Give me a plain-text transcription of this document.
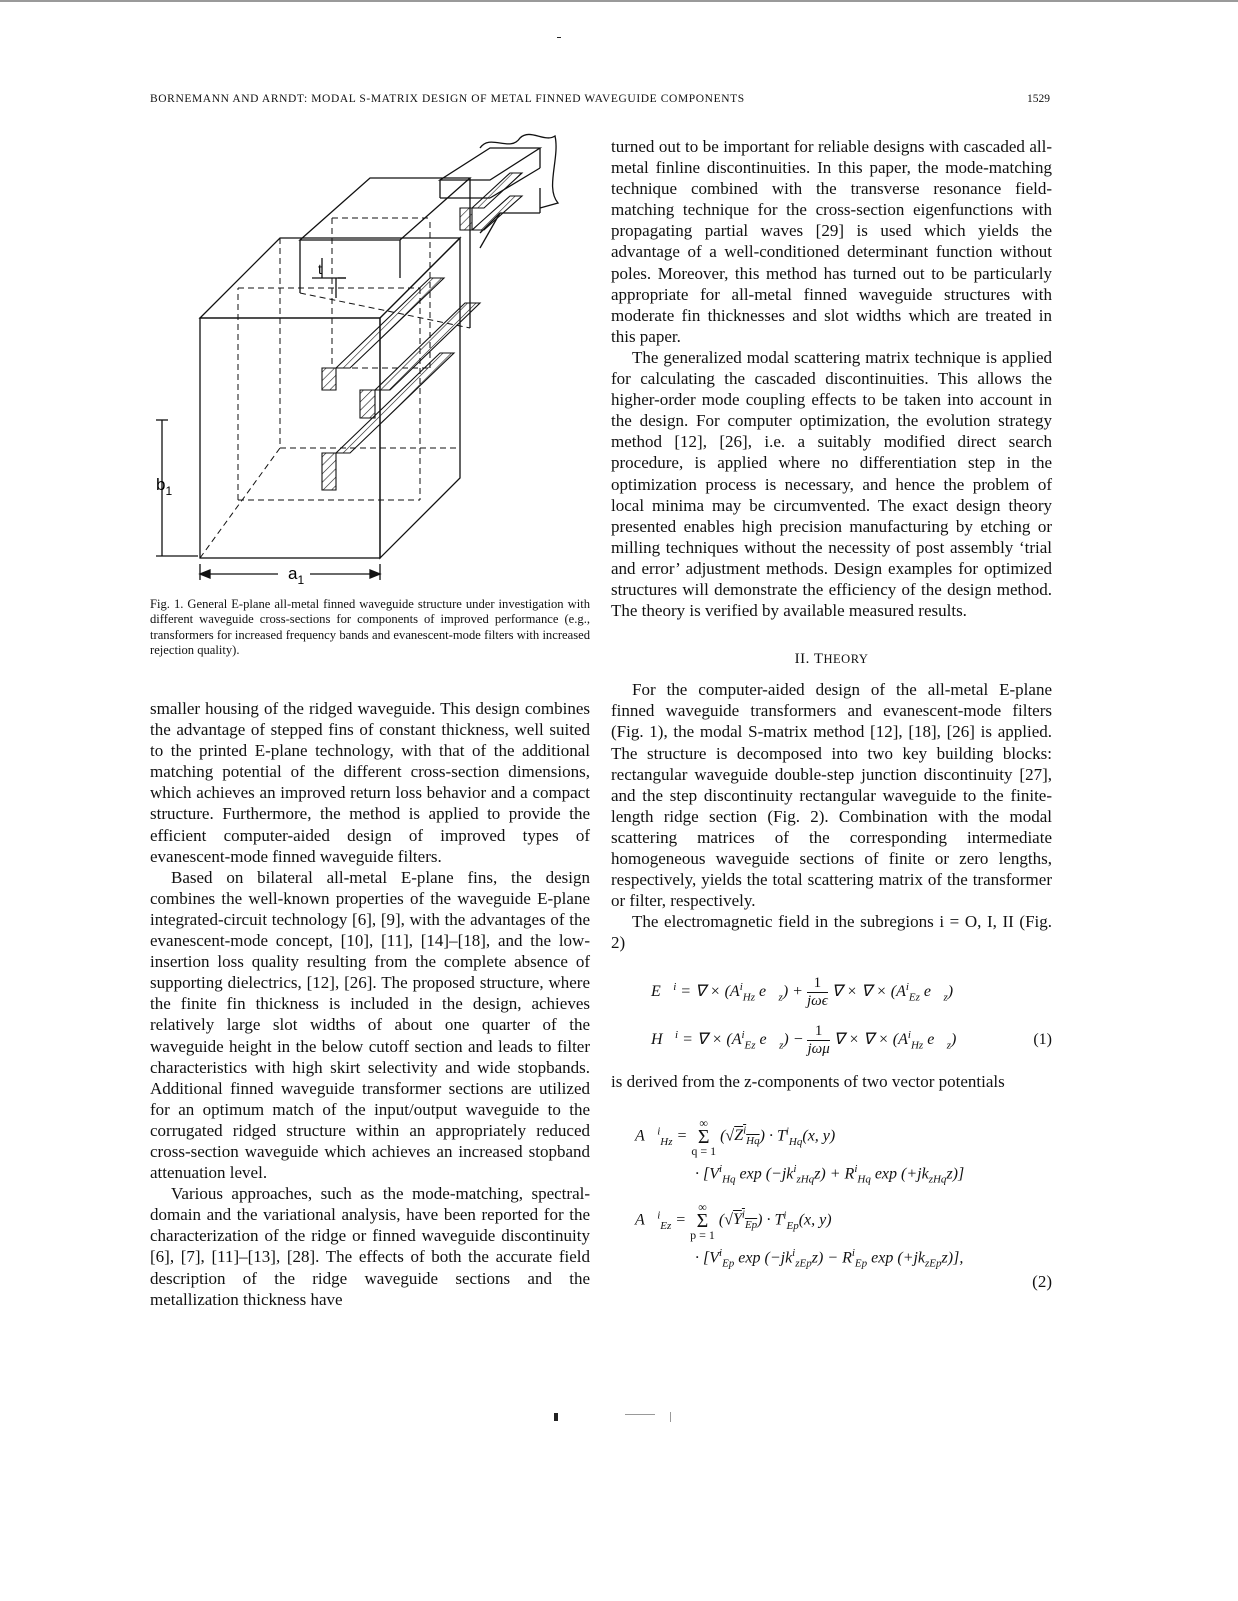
BORNEMANN AND ARNDT: MODAL S-MATRIX DESIGN OF METAL FINNED WAVEGUIDE COMPONENTS	1529
t
$b_1$
$a_1$
Fig. 1. General E-plane all-metal finned waveguide structure under investigation with different waveguide cross-sections for components of improved performance (e.g., transformers for increased frequency bands and evanescent-mode filters with increased rejection quality).

smaller housing of the ridged waveguide. This design combines the advantage of stepped fins of constant thickness, well suited to the printed E-plane technology, with that of the additional matching potential of the different cross-section dimensions, which achieves an improved return loss behavior and a compact structure. Furthermore, the method is applied to provide the efficient computer-aided design of improved types of evanescent-mode finned waveguide filters.

Based on bilateral all-metal E-plane fins, the design combines the well-known properties of the waveguide E-plane integrated-circuit technology [6], [9], with the advantages of the evanescent-mode concept, [10], [11], [14]–[18], and the low-insertion loss quality resulting from the complete absence of supporting dielectrics, [12], [26]. The proposed structure, where the finite fin thickness is included in the design, achieves relatively large slot widths of about one quarter of the waveguide height in the below cutoff section and leads to filter characteristics with high skirt selectivity and wide stopbands. Additional finned waveguide transformer sections are utilized for an optimum match of the input/output waveguide to the corrugated ridged structure within an appropriately reduced cross-section waveguide which achieves an increased stopband attenuation level.

Various approaches, such as the mode-matching, spectral-domain and the variational analysis, have been reported for the characterization of the ridge or finned waveguide discontinuity [6], [7], [11]–[13], [28]. The effects of both the accurate field description of the ridge waveguide sections and the metallization thickness have

turned out to be important for reliable designs with cascaded all-metal finline discontinuities. In this paper, the mode-matching technique combined with the transverse resonance field-matching technique for the cross-section eigenfunctions with propagating partial waves [29] is used which yields the advantage of a well-conditioned determinant function without poles. Moreover, this method has turned out to be particularly appropriate for all-metal finned waveguide structures with moderate fin thicknesses and slot widths which are treated in this paper.

The generalized modal scattering matrix technique is applied for calculating the cascaded discontinuities. This allows the higher-order mode coupling effects to be taken into account in the design. For computer optimization, the evolution strategy method [12], [26], i.e. a suitably modified direct search procedure, is applied where no differentiation step in the optimization process is necessary, and hence the problem of local minima may be circumvented. The exact design theory presented enables high precision manufacturing by etching or milling techniques without the necessity of post assembly ‘trial and error’ adjustment methods. Design examples for optimized structures will demonstrate the efficiency of the design method. The theory is verified by available measured results.

II. THEORY

For the computer-aided design of the all-metal E-plane finned waveguide transformers and evanescent-mode filters (Fig. 1), the modal S-matrix method [12], [18], [26] is applied. The structure is decomposed into two key building blocks: rectangular waveguide double-step junction discontinuity [27], and the step discontinuity rectangular waveguide to the finite-length ridge section (Fig. 2). Combination with the modal scattering matrices of the corresponding intermediate homogeneous waveguide sections of finite or zero lengths, respectively, yields the total scattering matrix of the transformer or filter, respectively.

The electromagnetic field in the subregions i = O, I, II (Fig. 2)

E⃗$^i$ = ∇ × ($A^i_{Hz}$ $e⃗_z) + \frac{1}{\text{jωϵ}}$ ∇ × ∇ × ($A^i_{Ez}$ $e⃗_z$)
H⃗$^i$ = ∇ × ($A^i_{Ez}$ $e⃗_z) - \frac{1}{\text{jωμ}}$ ∇ × ∇ × ($A^i_{Hz}$ $e⃗_z$)	(1)

is derived from the z-components of two vector potentials

A⃗$^i_{Hz}$ = ∞
Σ
q = 1 $(√Z^i_{Hq}) \cdot T^i_{Hq}(x$, y)
· [$V^i_{Hq}$ $\exp (-jk^i_{zHq}z) + R^i_{Hq}$ $\exp (+jk_{zHq}z)$]
A⃗$^i_{Ez}$ = ∞
Σ
p = 1 $(√Y^i_{Ep}) \cdot T^i_{Ep}(x$, y)
· [$V^i_{Ep}$ $\exp (-jk^i_{zEp}z) - R^i_{Ep}$ $\exp (+jk_{zEp}z)$],
(2)
